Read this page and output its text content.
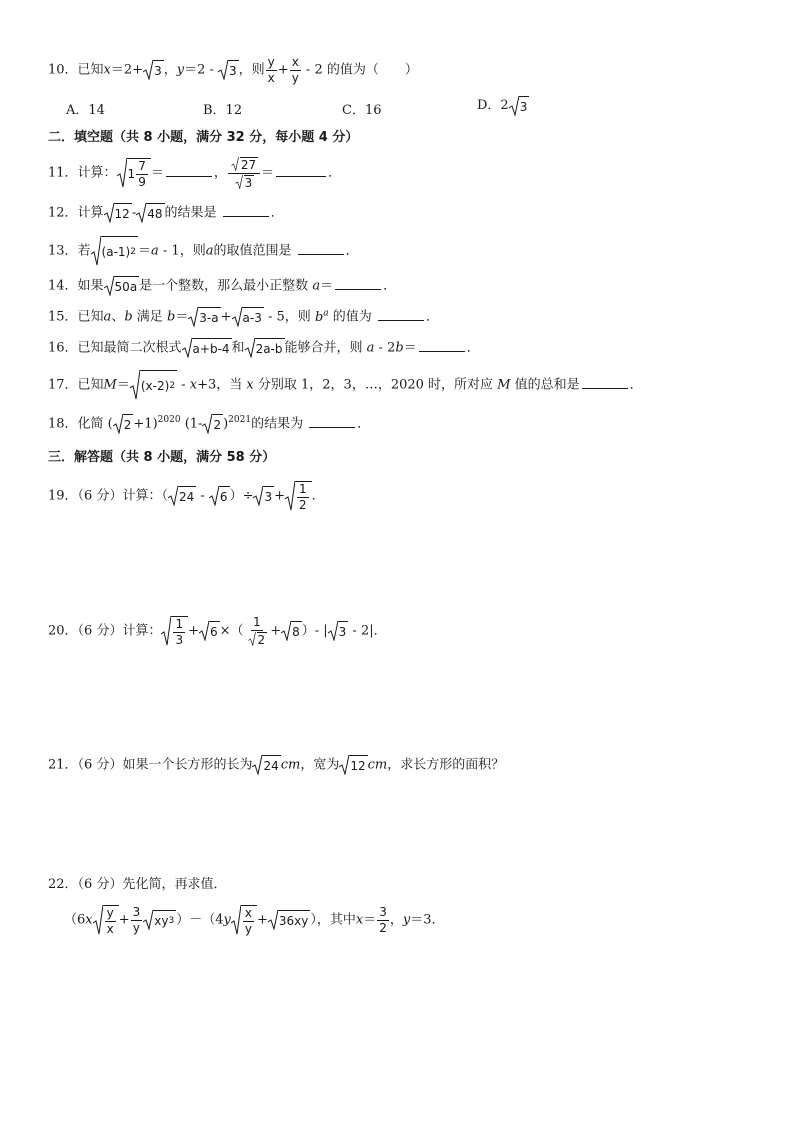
10．已知x＝2+ 3 ，y＝2 - 3 ，则 $\frac{y}{x} + \frac{x}{y} - 2$ 的值为（　　）
A．14	B．12	C．16	D．2 3
二．填空题（共 8 小题，满分 32 分，每小题 4 分）
11．计算： 1
7
9
＝	， $\frac{27}{3}$ ＝	．
12．计算 12 - 48 的结果是	．
13．若 (a-1) 2 ＝a - 1，则a的取值范围是	．
14．如果 50a 是一个整数，那么最小正整数 a＝	．
15．已知a、b 满足 b＝ 3-a + a-3 - 5，则 $b^a$ 的值为	．
16．已知最简二次根式 a+b-4 和 2a-b 能够合并，则 a - 2b＝	．
17．已知M＝ (x-2) 2 - x+3，当 x 分别取 1，2，3，…，2020 时，所对应 M 值的总和是	．
18．化简 ( 2 +1)$^{2020}$ (1- 2 )$^{2021}$的结果为	．
三．解答题（共 8 小题，满分 58 分）
19．（6 分）计算：（ 24 - 6 ）÷ 3 + 1
2
．
20．（6 分）计算： 1
3
+ 6 ×（ $\frac{1}{2} + 8$ ）- | 3 - 2|．
21．（6 分）如果一个长方形的长为 24 cm，宽为 12 cm，求长方形的面积？
22．（6 分）先化简，再求值．
（6x y
x
+ $\frac{3}{y}$ xy 3 ）－（4y x
y
+ 36xy ），其中$x= \frac{3}{2}$ ，y＝3．
